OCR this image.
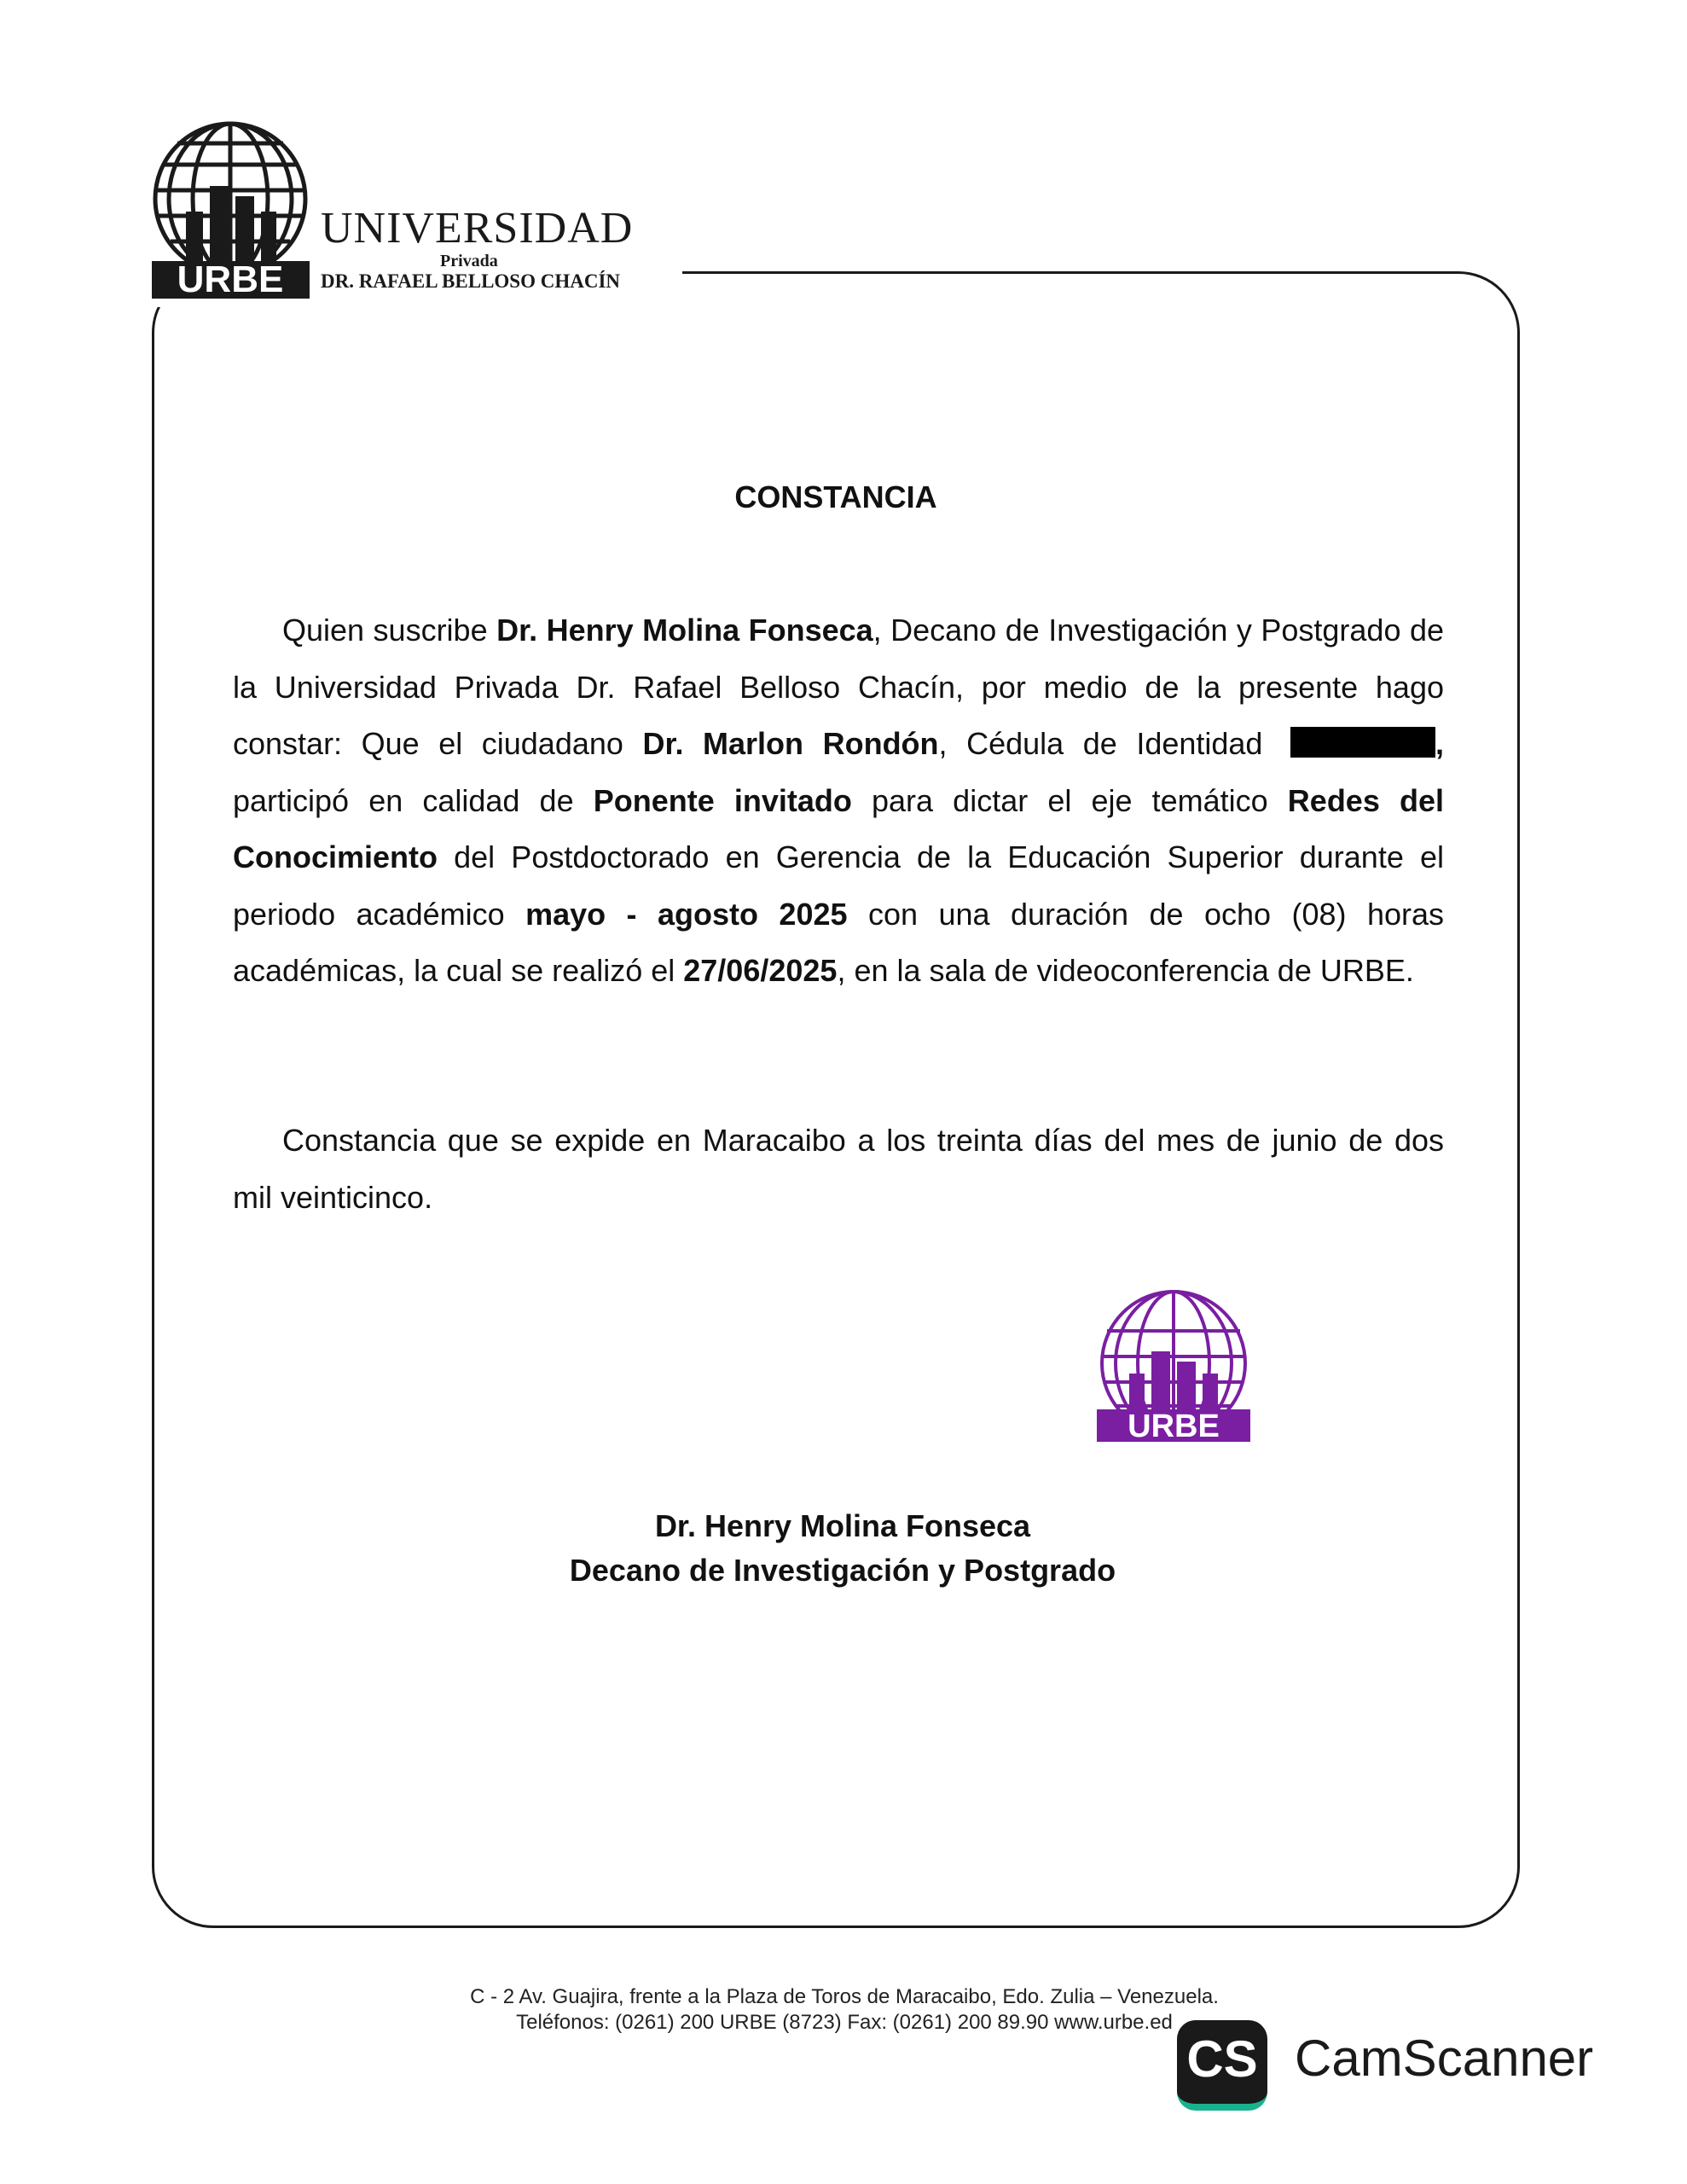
URBE
UNIVERSIDAD
Privada
DR. RAFAEL BELLOSO CHACÍN
CONSTANCIA
Quien suscribe Dr. Henry Molina Fonseca, Decano de Investigación y Postgrado de la Universidad Privada Dr. Rafael Belloso Chacín, por medio de la presente hago constar: Que el ciudadano Dr. Marlon Rondón, Cédula de Identidad	, participó en calidad de Ponente invitado para dictar el eje temático Redes del Conocimiento del Postdoctorado en Gerencia de la Educación Superior durante el periodo académico mayo - agosto 2025 con una duración de ocho (08) horas académicas, la cual se realizó el 27/06/2025, en la sala de videoconferencia de URBE.
Constancia que se expide en Maracaibo a los treinta días del mes de junio de dos mil veinticinco.
URBE
Dr. Henry Molina Fonseca
Decano de Investigación y Postgrado
C - 2 Av. Guajira, frente a la Plaza de Toros de Maracaibo, Edo. Zulia – Venezuela.
Teléfonos: (0261) 200 URBE (8723) Fax: (0261) 200 89.90 www.urbe.ed
CS CamScanner
